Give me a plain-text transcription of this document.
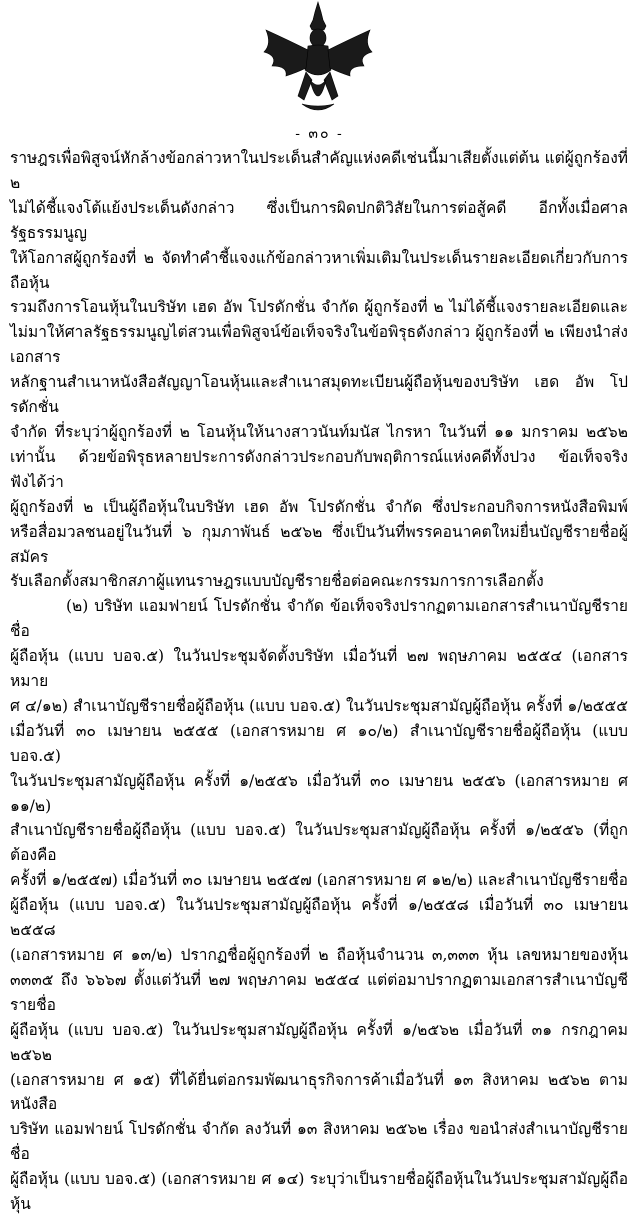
- ๓๐ -

ราษฎรเพื่อพิสูจน์หักล้างข้อกล่าวหาในประเด็นสำคัญแห่งคดีเช่นนี้มาเสียตั้งแต่ต้น แต่ผู้ถูกร้องที่ ๒

ไม่ได้ชี้แจงโต้แย้งประเด็นดังกล่าว ซึ่งเป็นการผิดปกติวิสัยในการต่อสู้คดี อีกทั้งเมื่อศาลรัฐธรรมนูญ

ให้โอกาสผู้ถูกร้องที่ ๒ จัดทำคำชี้แจงแก้ข้อกล่าวหาเพิ่มเติมในประเด็นรายละเอียดเกี่ยวกับการถือหุ้น

รวมถึงการโอนหุ้นในบริษัท เฮด อัพ โปรดักชั่น จำกัด ผู้ถูกร้องที่ ๒ ไม่ได้ชี้แจงรายละเอียดและ

ไม่มาให้ศาลรัฐธรรมนูญไต่สวนเพื่อพิสูจน์ข้อเท็จจริงในข้อพิรุธดังกล่าว ผู้ถูกร้องที่ ๒ เพียงนำส่งเอกสาร

หลักฐานสำเนาหนังสือสัญญาโอนหุ้นและสำเนาสมุดทะเบียนผู้ถือหุ้นของบริษัท เฮด อัพ โปรดักชั่น

จำกัด ที่ระบุว่าผู้ถูกร้องที่ ๒ โอนหุ้นให้นางสาวนันท์มนัส ไกรหา ในวันที่ ๑๑ มกราคม ๒๕๖๒

เท่านั้น ด้วยข้อพิรุธหลายประการดังกล่าวประกอบกับพฤติการณ์แห่งคดีทั้งปวง ข้อเท็จจริงฟังได้ว่า

ผู้ถูกร้องที่ ๒ เป็นผู้ถือหุ้นในบริษัท เฮด อัพ โปรดักชั่น จำกัด ซึ่งประกอบกิจการหนังสือพิมพ์

หรือสื่อมวลชนอยู่ในวันที่ ๖ กุมภาพันธ์ ๒๕๖๒ ซึ่งเป็นวันที่พรรคอนาคตใหม่ยื่นบัญชีรายชื่อผู้สมัคร

รับเลือกตั้งสมาชิกสภาผู้แทนราษฎรแบบบัญชีรายชื่อต่อคณะกรรมการการเลือกตั้ง

(๒) บริษัท แอมฟายน์ โปรดักชั่น จำกัด ข้อเท็จจริงปรากฏตามเอกสารสำเนาบัญชีรายชื่อ

ผู้ถือหุ้น (แบบ บอจ.๕) ในวันประชุมจัดตั้งบริษัท เมื่อวันที่ ๒๗ พฤษภาคม ๒๕๕๔ (เอกสารหมาย

ศ ๔/๑๒) สำเนาบัญชีรายชื่อผู้ถือหุ้น (แบบ บอจ.๕) ในวันประชุมสามัญผู้ถือหุ้น ครั้งที่ ๑/๒๕๕๕

เมื่อวันที่ ๓๐ เมษายน ๒๕๕๕ (เอกสารหมาย ศ ๑๐/๒) สำเนาบัญชีรายชื่อผู้ถือหุ้น (แบบ บอจ.๕)

ในวันประชุมสามัญผู้ถือหุ้น ครั้งที่ ๑/๒๕๕๖ เมื่อวันที่ ๓๐ เมษายน ๒๕๕๖ (เอกสารหมาย ศ ๑๑/๒)

สำเนาบัญชีรายชื่อผู้ถือหุ้น (แบบ บอจ.๕) ในวันประชุมสามัญผู้ถือหุ้น ครั้งที่ ๑/๒๕๕๖ (ที่ถูกต้องคือ

ครั้งที่ ๑/๒๕๕๗) เมื่อวันที่ ๓๐ เมษายน ๒๕๕๗ (เอกสารหมาย ศ ๑๒/๒) และสำเนาบัญชีรายชื่อ

ผู้ถือหุ้น (แบบ บอจ.๕) ในวันประชุมสามัญผู้ถือหุ้น ครั้งที่ ๑/๒๕๕๘ เมื่อวันที่ ๓๐ เมษายน ๒๕๕๘

(เอกสารหมาย ศ ๑๓/๒) ปรากฏชื่อผู้ถูกร้องที่ ๒ ถือหุ้นจำนวน ๓,๓๓๓ หุ้น เลขหมายของหุ้น

๓๓๓๕ ถึง ๖๖๖๗ ตั้งแต่วันที่ ๒๗ พฤษภาคม ๒๕๕๔ แต่ต่อมาปรากฏตามเอกสารสำเนาบัญชีรายชื่อ

ผู้ถือหุ้น (แบบ บอจ.๕) ในวันประชุมสามัญผู้ถือหุ้น ครั้งที่ ๑/๒๕๖๒ เมื่อวันที่ ๓๑ กรกฎาคม ๒๕๖๒

(เอกสารหมาย ศ ๑๕) ที่ได้ยื่นต่อกรมพัฒนาธุรกิจการค้าเมื่อวันที่ ๑๓ สิงหาคม ๒๕๖๒ ตามหนังสือ

บริษัท แอมฟายน์ โปรดักชั่น จำกัด ลงวันที่ ๑๓ สิงหาคม ๒๕๖๒ เรื่อง ขอนำส่งสำเนาบัญชีรายชื่อ

ผู้ถือหุ้น (แบบ บอจ.๕) (เอกสารหมาย ศ ๑๔) ระบุว่าเป็นรายชื่อผู้ถือหุ้นในวันประชุมสามัญผู้ถือหุ้น
